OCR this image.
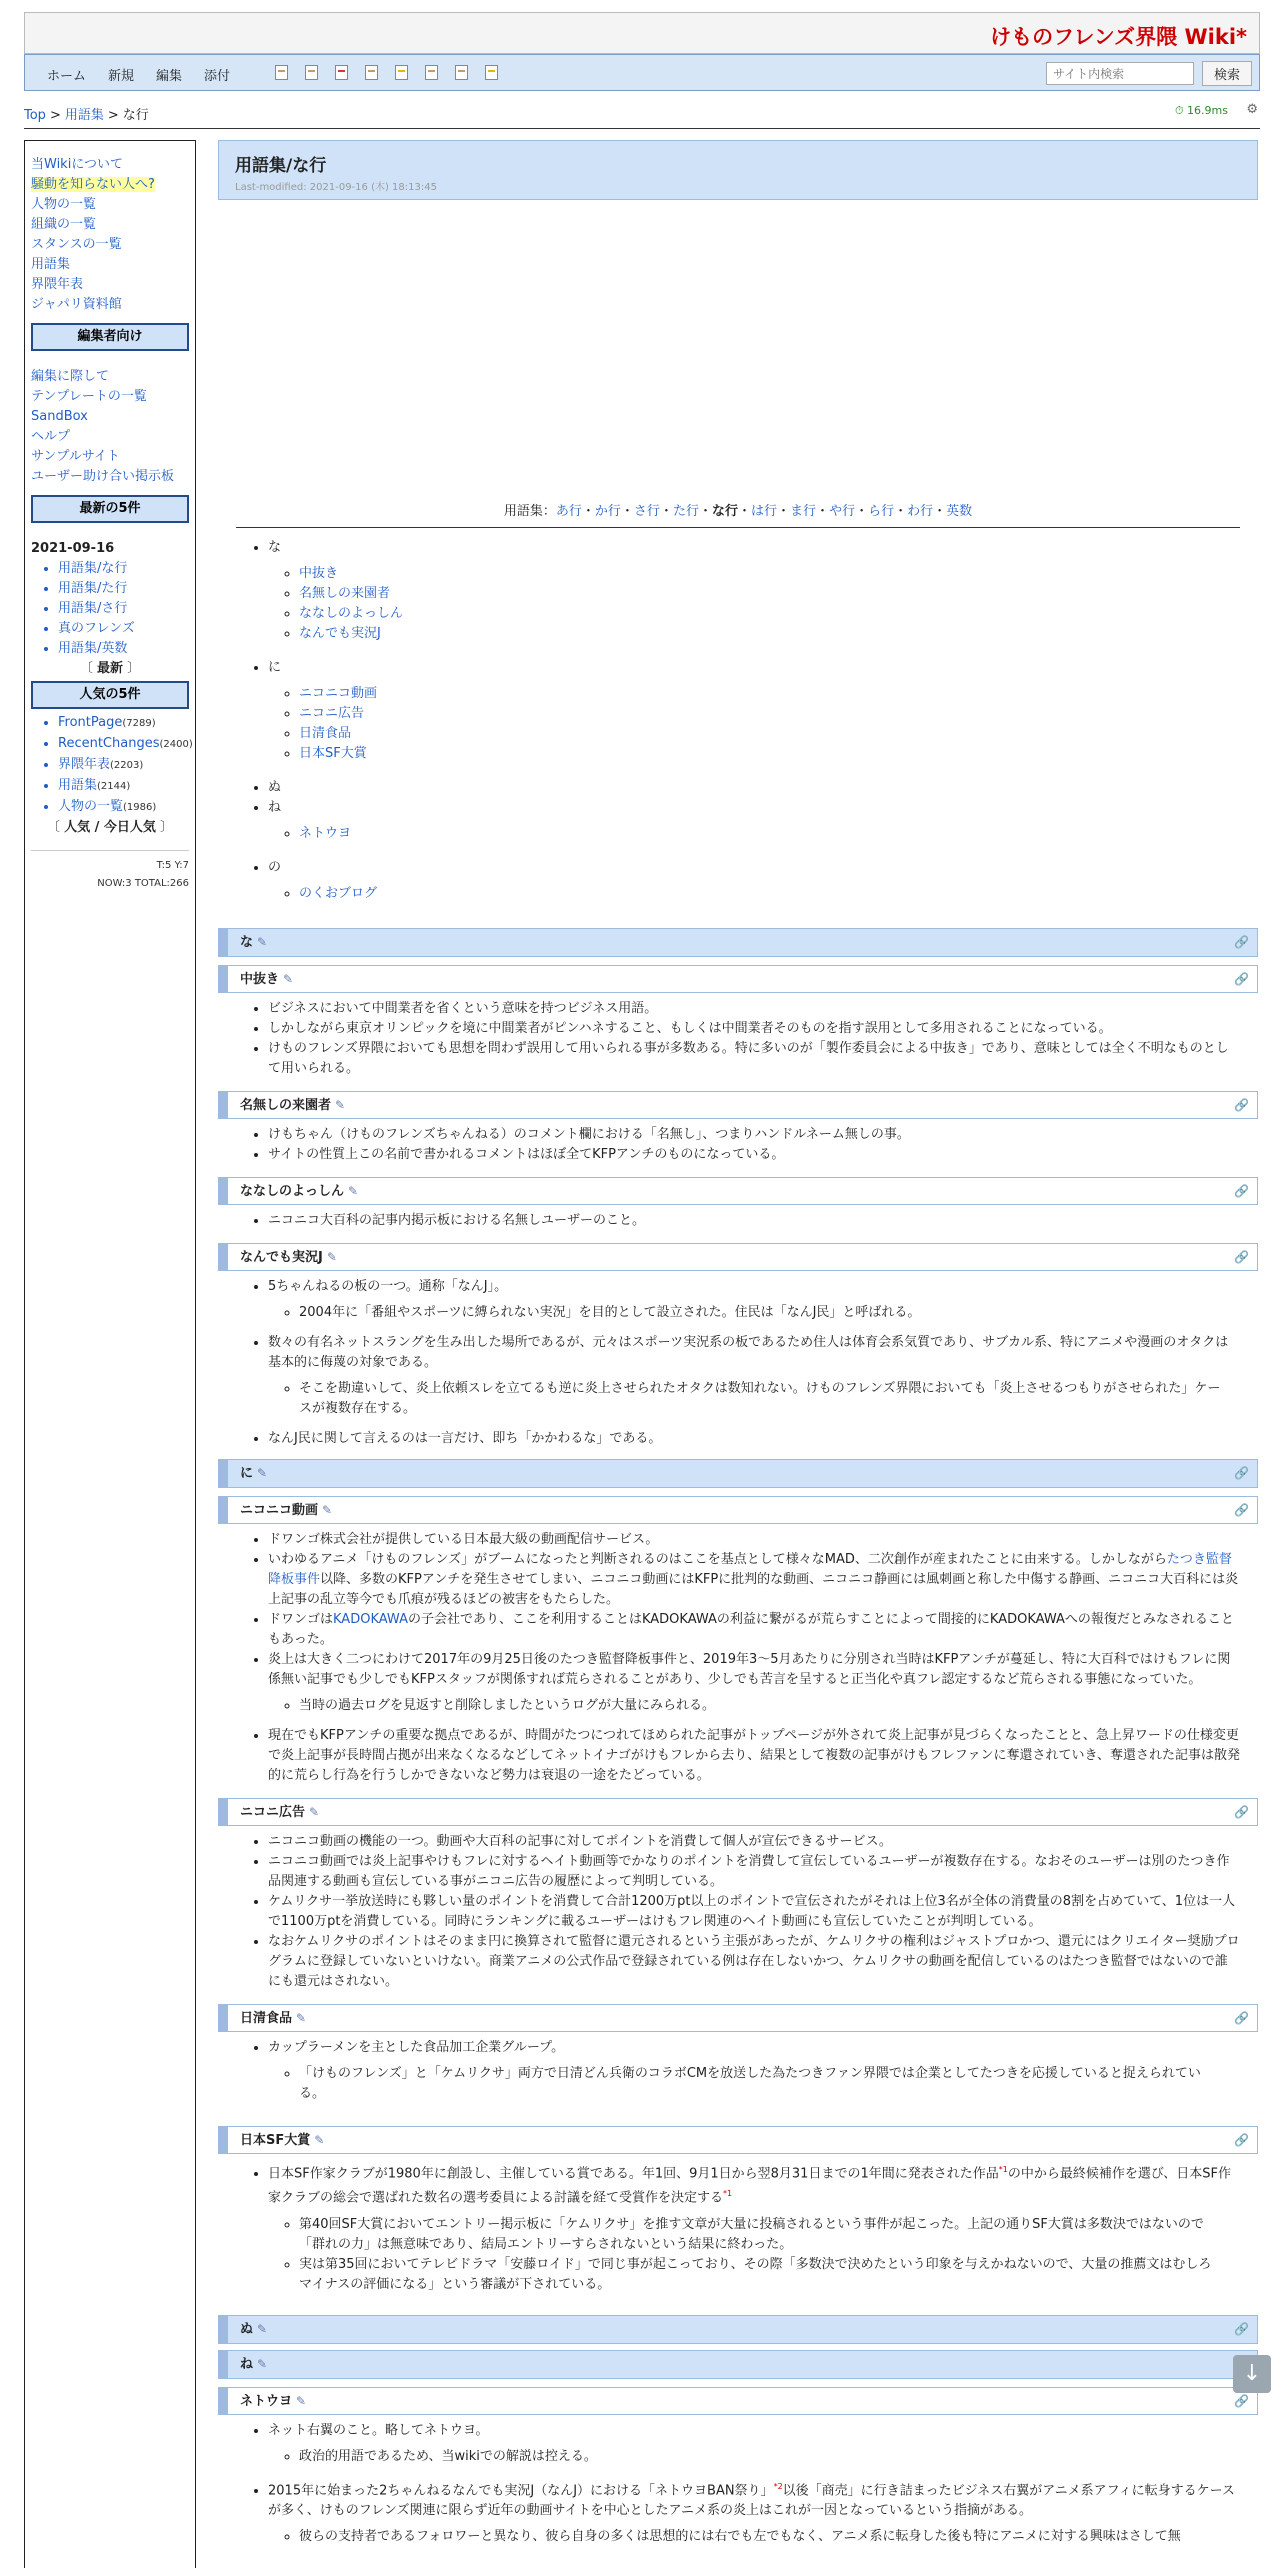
けものフレンズ界隈 Wiki*
ホーム 新規 編集 添付
サイト内検索	検索
Top > 用語集 > な行	⏱ 16.9ms ⚙
当Wikiについて
騒動を知らない人へ?
人物の一覧
組織の一覧
スタンスの一覧
用語集
界隈年表
ジャパリ資料館
編集者向け
編集に際して
テンプレートの一覧
SandBox
ヘルプ
サンプルサイト
ユーザー助け合い掲示板
最新の5件
2021-09-16
• 用語集/な行
• 用語集/た行
• 用語集/さ行
• 真のフレンズ
• 用語集/英数
〔 最新 〕
人気の5件
• FrontPage(7289)
• RecentChanges(2400)
• 界隈年表(2203)
• 用語集(2144)
• 人物の一覧(1986)
〔 人気 / 今日人気 〕
T:5 Y:7
NOW:3 TOTAL:266
用語集/な行
Last-modified: 2021-09-16 (木) 18:13:45
用語集：あ行・か行・さ行・た行・な行・は行・ま行・や行・ら行・わ行・英数
• な
◦ 中抜き
◦ 名無しの来園者
◦ ななしのよっしん
◦ なんでも実況J
• に
◦ ニコニコ動画
◦ ニコニ広告
◦ 日清食品
◦ 日本SF大賞
• ぬ
• ね
◦ ネトウヨ
• の
◦ のくおブログ
な ✎	🔗
中抜き ✎	🔗
• ビジネスにおいて中間業者を省くという意味を持つビジネス用語。
• しかしながら東京オリンピックを境に中間業者がピンハネすること、もしくは中間業者そのものを指す誤用として多用されることになっている。
• けものフレンズ界隈においても思想を問わず誤用して用いられる事が多数ある。特に多いのが「製作委員会による中抜き」であり、意味としては全く不明なものとして用いられる。
名無しの来園者 ✎	🔗
• けもちゃん（けものフレンズちゃんねる）のコメント欄における「名無し」、つまりハンドルネーム無しの事。
• サイトの性質上この名前で書かれるコメントはほぼ全てKFPアンチのものになっている。
ななしのよっしん ✎	🔗
• ニコニコ大百科の記事内掲示板における名無しユーザーのこと。
なんでも実況J ✎	🔗
• 5ちゃんねるの板の一つ。通称「なんJ」。
◦ 2004年に「番組やスポーツに縛られない実況」を目的として設立された。住民は「なんJ民」と呼ばれる。
• 数々の有名ネットスラングを生み出した場所であるが、元々はスポーツ実況系の板であるため住人は体育会系気質であり、サブカル系、特にアニメや漫画のオタクは基本的に侮蔑の対象である。
◦ そこを勘違いして、炎上依頼スレを立てるも逆に炎上させられたオタクは数知れない。けものフレンズ界隈においても「炎上させるつもりがさせられた」ケースが複数存在する。
• なんJ民に関して言えるのは一言だけ、即ち「かかわるな」である。
に ✎	🔗
ニコニコ動画 ✎	🔗
• ドワンゴ株式会社が提供している日本最大級の動画配信サービス。
• いわゆるアニメ「けものフレンズ」がブームになったと判断されるのはここを基点として様々なMAD、二次創作が産まれたことに由来する。しかしながらたつき監督降板事件以降、多数のKFPアンチを発生させてしまい、ニコニコ動画にはKFPに批判的な動画、ニコニコ静画には風刺画と称した中傷する静画、ニコニコ大百科には炎上記事の乱立等今でも爪痕が残るほどの被害をもたらした。
• ドワンゴはKADOKAWAの子会社であり、ここを利用することはKADOKAWAの利益に繋がるが荒らすことによって間接的にKADOKAWAへの報復だとみなされることもあった。
• 炎上は大きく二つにわけて2017年の9月25日後のたつき監督降板事件と、2019年3～5月あたりに分別され当時はKFPアンチが蔓延し、特に大百科ではけもフレに関係無い記事でも少しでもKFPスタッフが関係すれば荒らされることがあり、少しでも苦言を呈すると正当化や真フレ認定するなど荒らされる事態になっていた。
◦ 当時の過去ログを見返すと削除しましたというログが大量にみられる。
• 現在でもKFPアンチの重要な拠点であるが、時間がたつにつれてほめられた記事がトップページが外されて炎上記事が見づらくなったことと、急上昇ワードの仕様変更で炎上記事が長時間占拠が出来なくなるなどしてネットイナゴがけもフレから去り、結果として複数の記事がけもフレファンに奪還されていき、奪還された記事は散発的に荒らし行為を行うしかできないなど勢力は衰退の一途をたどっている。
ニコニ広告 ✎	🔗
• ニコニコ動画の機能の一つ。動画や大百科の記事に対してポイントを消費して個人が宣伝できるサービス。
• ニコニコ動画では炎上記事やけもフレに対するヘイト動画等でかなりのポイントを消費して宣伝しているユーザーが複数存在する。なおそのユーザーは別のたつき作品関連する動画も宣伝している事がニコニ広告の履歴によって判明している。
• ケムリクサ一挙放送時にも夥しい量のポイントを消費して合計1200万pt以上のポイントで宣伝されたがそれは上位3名が全体の消費量の8割を占めていて、1位は一人で1100万ptを消費している。同時にランキングに載るユーザーはけもフレ関連のヘイト動画にも宣伝していたことが判明している。
• なおケムリクサのポイントはそのまま円に換算されて監督に還元されるという主張があったが、ケムリクサの権利はジャストプロかつ、還元にはクリエイター奨励プログラムに登録していないといけない。商業アニメの公式作品で登録されている例は存在しないかつ、ケムリクサの動画を配信しているのはたつき監督ではないので誰にも還元はされない。
日清食品 ✎	🔗
• カップラーメンを主とした食品加工企業グループ。
◦ 「けものフレンズ」と「ケムリクサ」両方で日清どん兵衛のコラボCMを放送した為たつきファン界隈では企業としてたつきを応援していると捉えられている。
日本SF大賞 ✎	🔗
• 日本SF作家クラブが1980年に創設し、主催している賞である。年1回、9月1日から翌8月31日までの1年間に発表された作品$^{*1}$の中から最終候補作を選び、日本SF作家クラブの総会で選ばれた数名の選考委員による討議を経て受賞作を決定する$^{*1}$
◦ 第40回SF大賞においてエントリー掲示板に「ケムリクサ」を推す文章が大量に投稿されるという事件が起こった。上記の通りSF大賞は多数決ではないので「群れの力」は無意味であり、結局エントリーすらされないという結果に終わった。
◦ 実は第35回においてテレビドラマ「安藤ロイド」で同じ事が起こっており、その際「多数決で決めたという印象を与えかねないので、大量の推薦文はむしろマイナスの評価になる」という審議が下されている。
ぬ ✎	🔗
ね ✎
ネトウヨ ✎	🔗
• ネット右翼のこと。略してネトウヨ。
◦ 政治的用語であるため、当wikiでの解説は控える。
• 2015年に始まった2ちゃんねるなんでも実況J（なんJ）における「ネトウヨBAN祭り」$^{*2}$以後「商売」に行き詰まったビジネス右翼がアニメ系アフィに転身するケースが多く、けものフレンズ関連に限らず近年の動画サイトを中心としたアニメ系の炎上はこれが一因となっているという指摘がある。
◦ 彼らの支持者であるフォロワーと異なり、彼ら自身の多くは思想的には右でも左でもなく、アニメ系に転身した後も特にアニメに対する興味はさして無
↓
